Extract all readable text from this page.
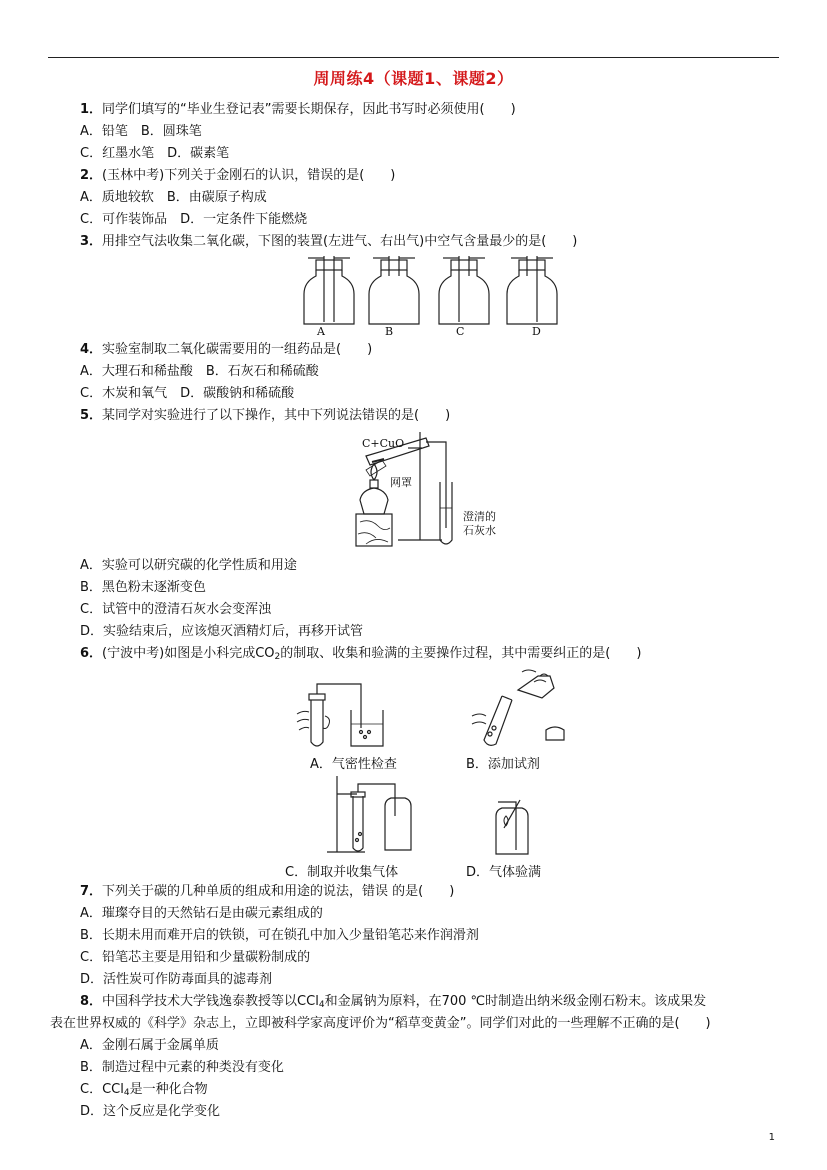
周周练4（课题1、课题2）
1．同学们填写的“毕业生登记表”需要长期保存，因此书写时必须使用(　　)
A．铅笔　B．圆珠笔
C．红墨水笔　D．碳素笔
2．(玉林中考)下列关于金刚石的认识，错误的是(　　)
A．质地较软　B．由碳原子构成
C．可作装饰品　D．一定条件下能燃烧
3．用排空气法收集二氧化碳，下图的装置(左进气、右出气)中空气含量最少的是(　　)
A	B	C	D
4．实验室制取二氧化碳需要用的一组药品是(　　)
A．大理石和稀盐酸　B．石灰石和稀硫酸
C．木炭和氧气　D．碳酸钠和稀硫酸
5．某同学对实验进行了以下操作，其中下列说法错误的是(　　)
C+CuO
网罩
澄清的
石灰水
A．实验可以研究碳的化学性质和用途
B．黑色粉末逐渐变色
C．试管中的澄清石灰水会变浑浊
D．实验结束后，应该熄灭酒精灯后，再移开试管
6．(宁波中考)如图是小科完成$CO_2$的制取、收集和验满的主要操作过程，其中需要纠正的是(　　)
A．气密性检查	B．添加试剂
C．制取并收集气体	D．气体验满
7．下列关于碳的几种单质的组成和用途的说法，错误 的是(　　)
A．璀璨夺目的天然钻石是由碳元素组成的
B．长期未用而难开启的铁锁，可在锁孔中加入少量铅笔芯来作润滑剂
C．铅笔芯主要是用铅和少量碳粉制成的
D．活性炭可作防毒面具的滤毒剂
8．中国科学技术大学钱逸泰教授等以CCl$_4$和金属钠为原料，在700 ℃时制造出纳米级金刚石粉末。该成果发
表在世界权威的《科学》杂志上，立即被科学家高度评价为“稻草变黄金”。同学们对此的一些理解不正确的是(　　)
A．金刚石属于金属单质
B．制造过程中元素的种类没有变化
C．CCl$_4$是一种化合物
D．这个反应是化学变化
1
